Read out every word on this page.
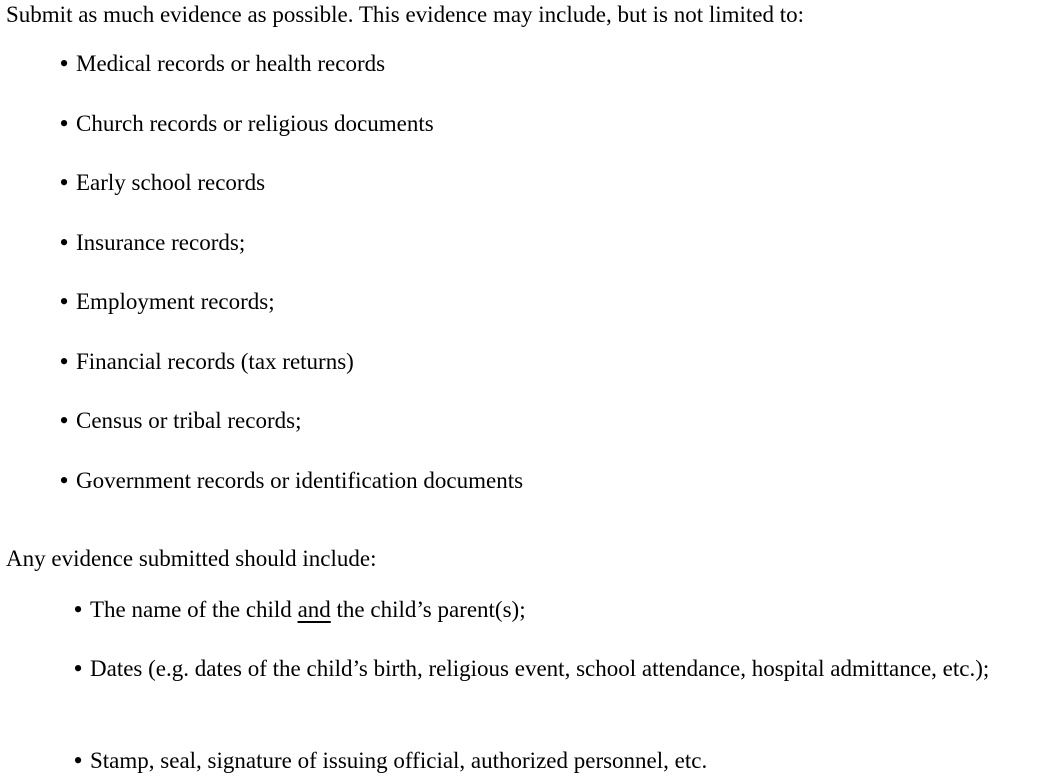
Submit as much evidence as possible. This evidence may include, but is not limited to:

• Medical records or health records
• Church records or religious documents
• Early school records
• Insurance records;
• Employment records;
• Financial records (tax returns)
• Census or tribal records;
• Government records or identification documents

Any evidence submitted should include:

• The name of the child and the child’s parent(s);
• Dates (e.g. dates of the child’s birth, religious event, school attendance, hospital admittance, etc.);
• Stamp, seal, signature of issuing official, authorized personnel, etc.
